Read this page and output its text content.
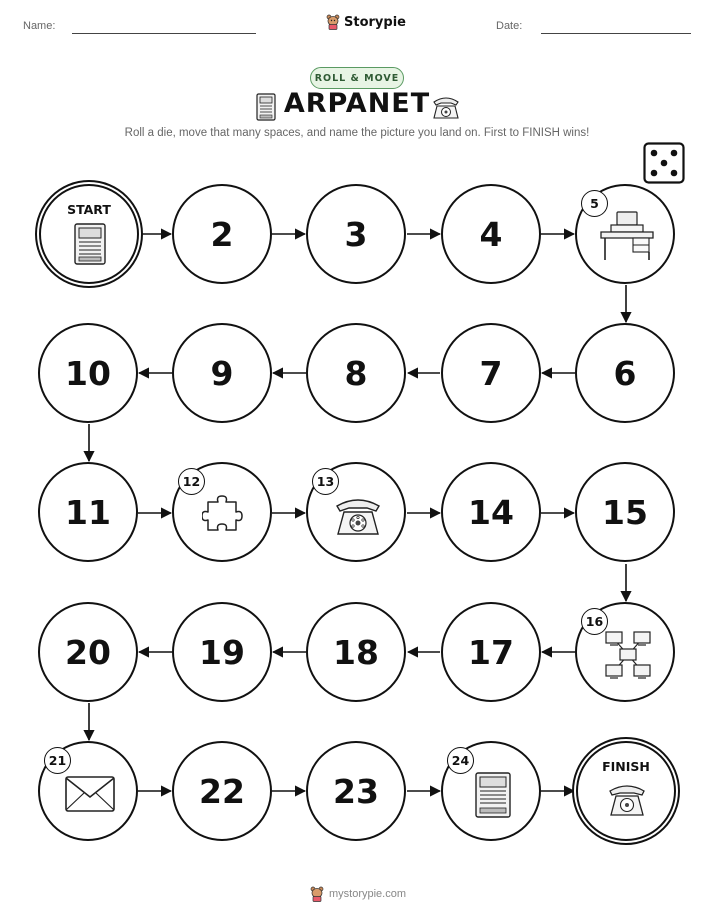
Name:	Storypie	Date:
ROLL & MOVE
ARPANET
Roll a die, move that many spaces, and name the picture you land on. First to FINISH wins!
START
2	3	4
5
10	9	8	7	6
11
12	13
14	15
20	19	18	17
16
21
22	23
24	FINISH
mystorypie.com
